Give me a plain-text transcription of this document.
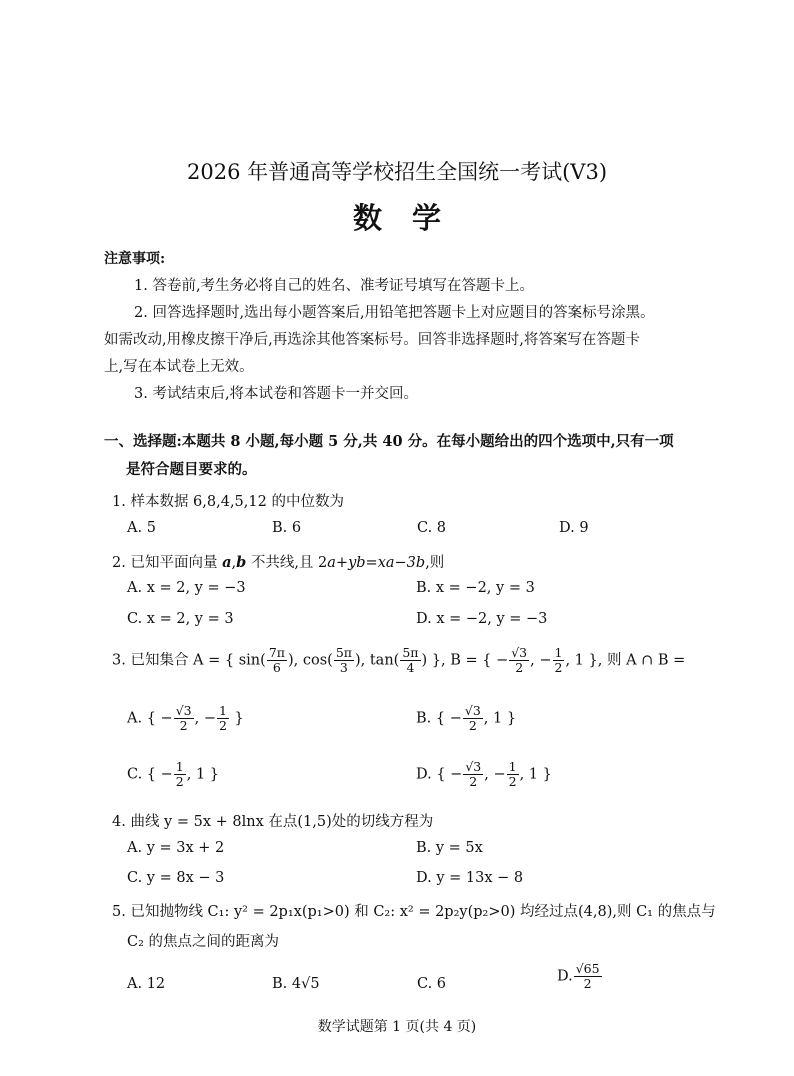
2026 年普通高等学校招生全国统一考试(V3)
数学
注意事项:
1. 答卷前,考生务必将自己的姓名、准考证号填写在答题卡上。
2. 回答选择题时,选出每小题答案后,用铅笔把答题卡上对应题目的答案标号涂黑。
如需改动,用橡皮擦干净后,再选涂其他答案标号。回答非选择题时,将答案写在答题卡
上,写在本试卷上无效。
3. 考试结束后,将本试卷和答题卡一并交回。
一、选择题:本题共 8 小题,每小题 5 分,共 40 分。在每小题给出的四个选项中,只有一项
是符合题目要求的。
1. 样本数据 6,8,4,5,12 的中位数为
A. 5	B. 6	C. 8	D. 9
2. 已知平面向量 a,b 不共线,且 2a+yb=xa−3b,则
A. x = 2, y = −3	B. x = −2, y = 3
C. x = 2, y = 3	D. x = −2, y = −3
3. 已知集合 A = { $\sin( \frac{7\pi}{6}$ ), $\cos( \frac{5\pi}{3}$ ), $\tan( \frac{5\pi}{4}$ ) }, B = { − $\frac{√3}{2}$ , − $\frac{1}{2}$ , 1 }, 则 A ∩ B =
A. { − $\frac{√3}{2}$ , − $\frac{1}{2}$ }	B. { − $\frac{√3}{2}$ , 1 }
C. { − $\frac{1}{2}$ , 1 }	D. { − $\frac{√3}{2}$ , − $\frac{1}{2}$ , 1 }
4. 曲线 y = 5x + 8lnx 在点(1,5)处的切线方程为
A. y = 3x + 2	B. y = 5x
C. y = 8x − 3	D. y = 13x − 8
5. 已知抛物线 C₁: y² = 2p₁x(p₁>0) 和 C₂: x² = 2p₂y(p₂>0) 均经过点(4,8),则 C₁ 的焦点与
C₂ 的焦点之间的距离为
A. 12	B. 4√5	C. 6	D. $\frac{√65}{2}$
数学试题第 1 页(共 4 页)
